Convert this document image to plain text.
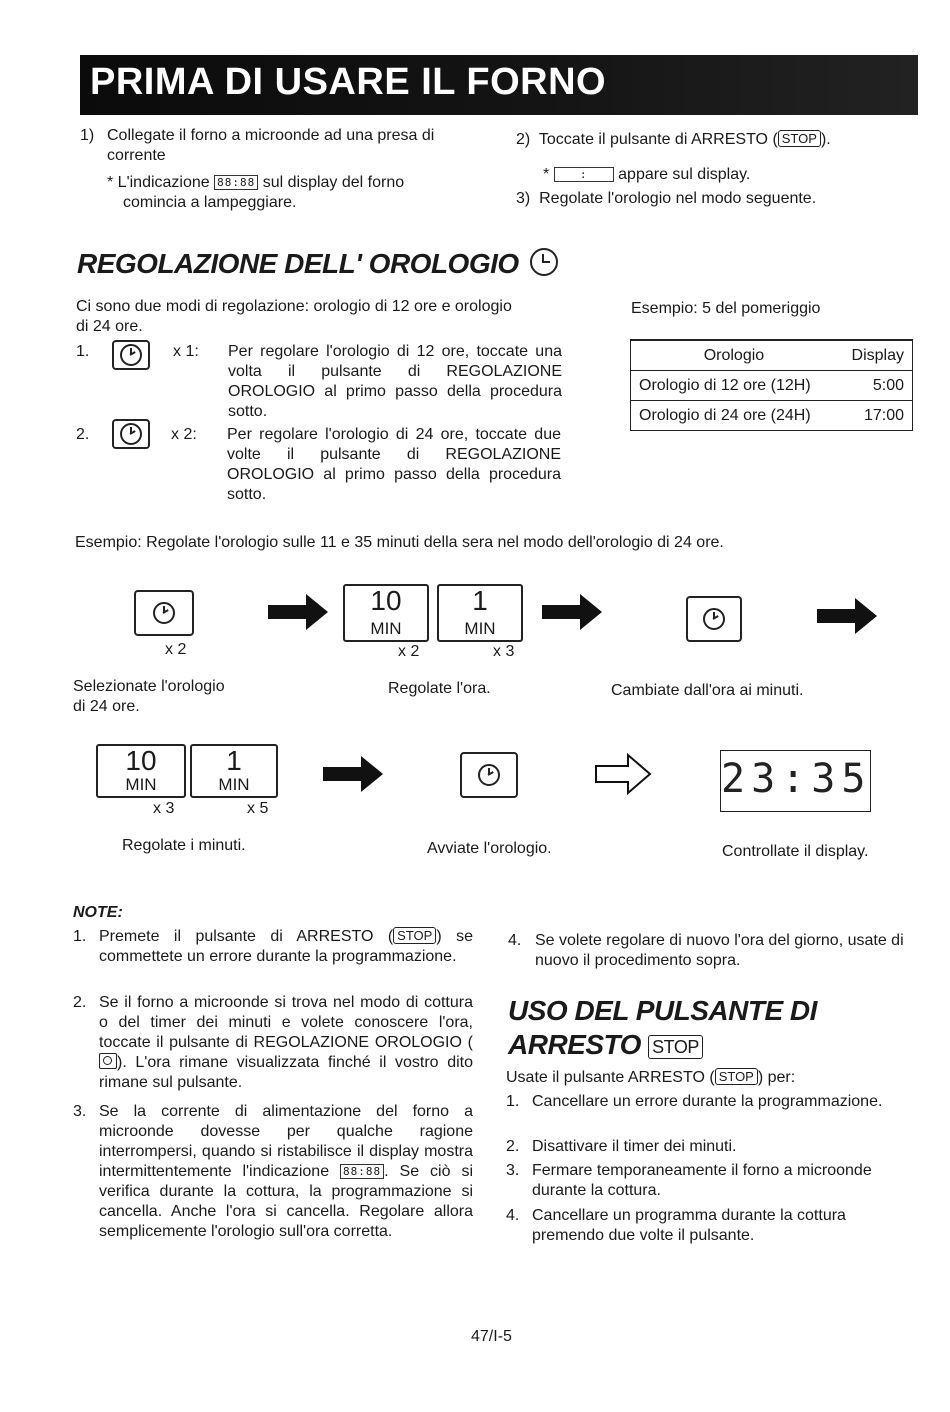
PRIMA DI USARE IL FORNO
1) Collegate il forno a microonde ad una presa di
corrente
* L'indicazione 88:88 sul display del forno
comincia a lampeggiare.
2) Toccate il pulsante di ARRESTO ( STOP ).
*	: appare sul display.
3) Regolate l'orologio nel modo seguente.
REGOLAZIONE DELL' OROLOGIO
Ci sono due modi di regolazione: orologio di 12 ore e orologio
di 24 ore.
1.	x 1: Per regolare l'orologio di 12 ore, toccate una volta il pulsante di REGOLAZIONE OROLOGIO al primo passo della procedura sotto.
2.	x 2: Per regolare l'orologio di 24 ore, toccate due volte il pulsante di REGOLAZIONE OROLOGIO al primo passo della procedura sotto.
Esempio: 5 del pomeriggio
Orologio	Display
Orologio di 12 ore (12H)	5:00
Orologio di 24 ore (24H)	17:00
Esempio: Regolate l'orologio sulle 11 e 35 minuti della sera nel modo dell'orologio di 24 ore.
x 2
Selezionate l'orologio
di 24 ore.
10
MIN
1
MIN
x 2	x 3
Regolate l'ora.	Cambiate dall'ora ai minuti.
10
MIN
1
MIN
x 3	x 5
Regolate i minuti.	Avviate l'orologio.
23:35
Controllate il display.
NOTE:
1. Premete il pulsante di ARRESTO ( STOP ) se commettete un errore durante la programmazione.
2. Se il forno a microonde si trova nel modo di cottura o del timer dei minuti e volete conoscere l'ora, toccate il pulsante di REGOLAZIONE OROLOGIO (
). L'ora rimane visualizzata finché il vostro dito rimane sul pulsante.
3. Se la corrente di alimentazione del forno a microonde dovesse per qualche ragione interrompersi, quando si ristabilisce il display mostra intermittentemente l'indicazione 88:88 . Se ciò si verifica durante la cottura, la programmazione si cancella. Anche l'ora si cancella. Regolare allora semplicemente l'orologio sull'ora corretta.
4. Se volete regolare di nuovo l'ora del giorno, usate di nuovo il procedimento sopra.
USO DEL PULSANTE DI
ARRESTO STOP
Usate il pulsante ARRESTO ( STOP ) per:
1. Cancellare un errore durante la programmazione.
2. Disattivare il timer dei minuti.
3. Fermare temporaneamente il forno a microonde durante la cottura.
4. Cancellare un programma durante la cottura premendo due volte il pulsante.
47/I-5
